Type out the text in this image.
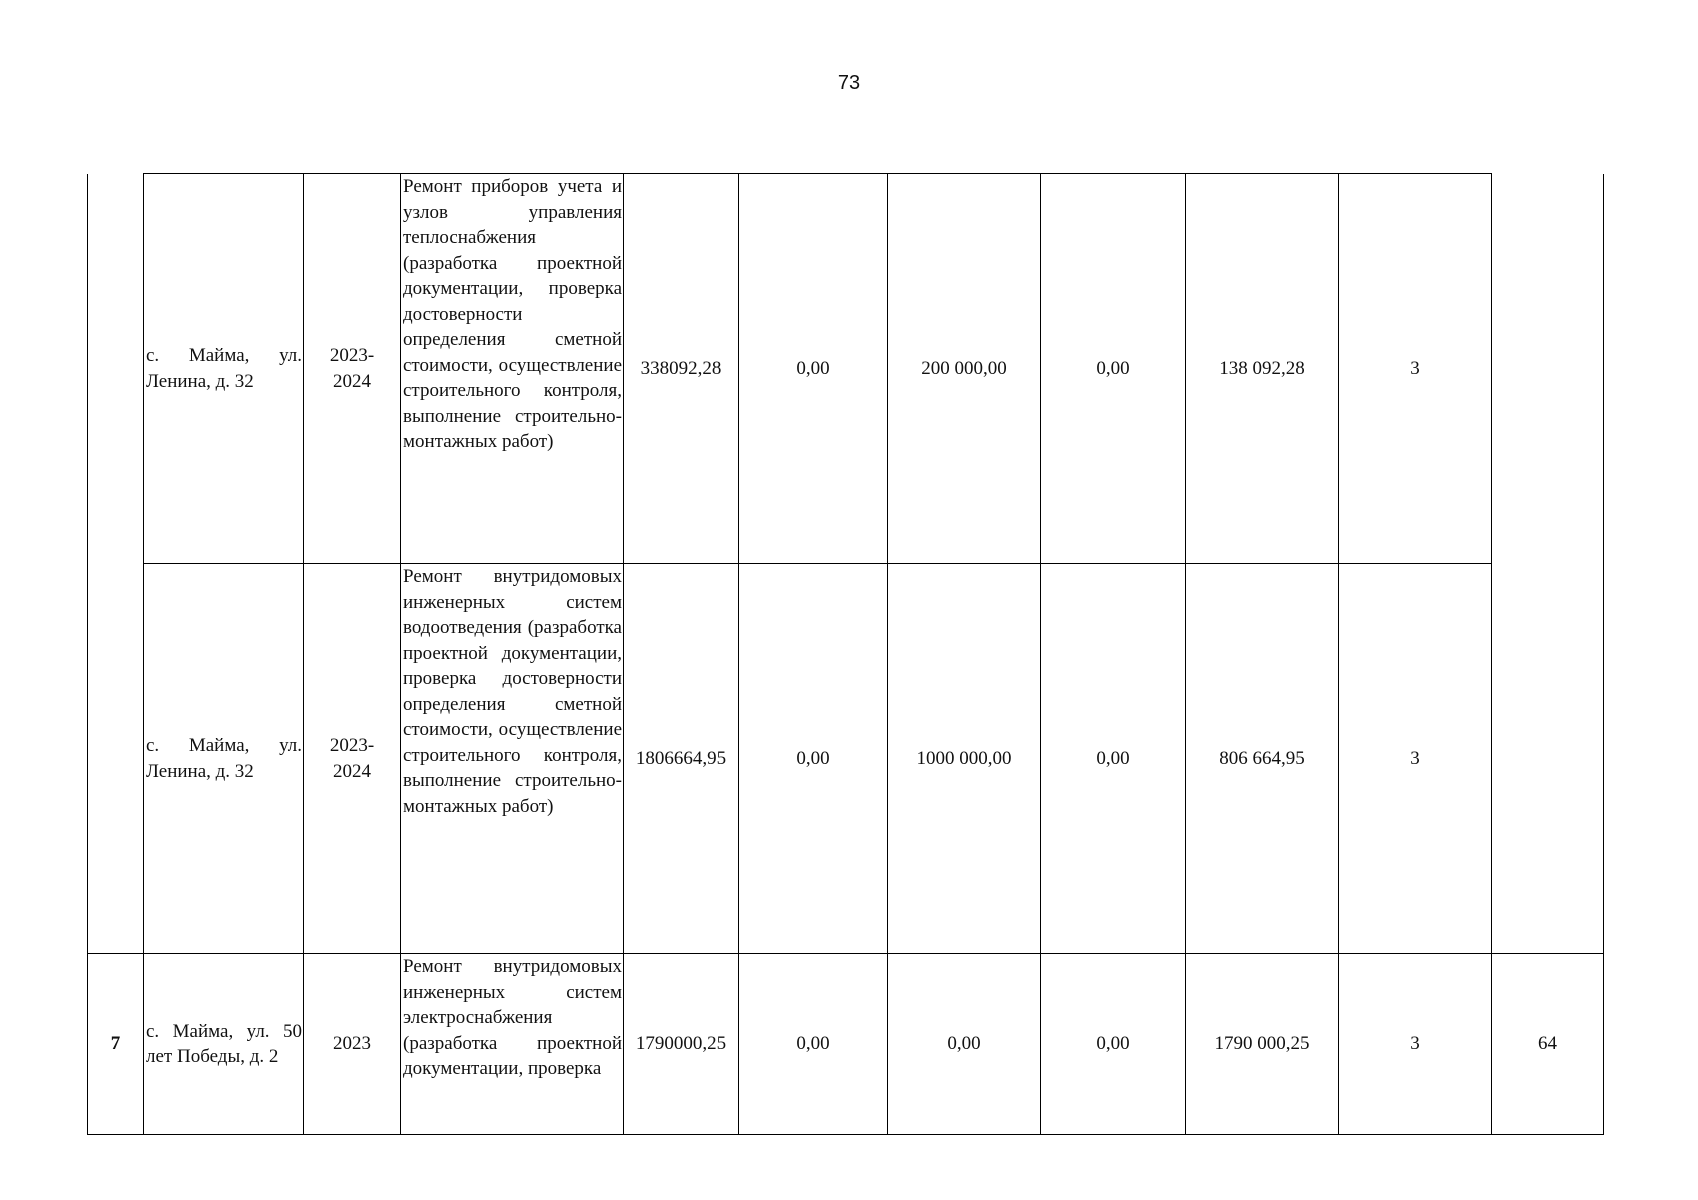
73
	с. Майма, ул. Ленина, д. 32	2023-2024	Ремонт приборов учета и узлов управления теплоснабжения (разработка проектной документации, проверка достоверности определения сметной стоимости, осуществление строительного контроля, выполнение строительно-монтажных работ)	338092,28	0,00	200 000,00	0,00	138 092,28	3	
	с. Майма, ул. Ленина, д. 32	2023-2024	Ремонт внутридомовых инженерных систем водоотведения (разработка проектной документации, проверка достоверности определения сметной стоимости, осуществление строительного контроля, выполнение строительно-монтажных работ)	1806664,95	0,00	1000 000,00	0,00	806 664,95	3	
7	с. Майма, ул. 50 лет Победы, д. 2	2023	Ремонт внутридомовых инженерных систем электроснабжения (разработка проектной документации, проверка	1790000,25	0,00	0,00	0,00	1790 000,25	3	64
